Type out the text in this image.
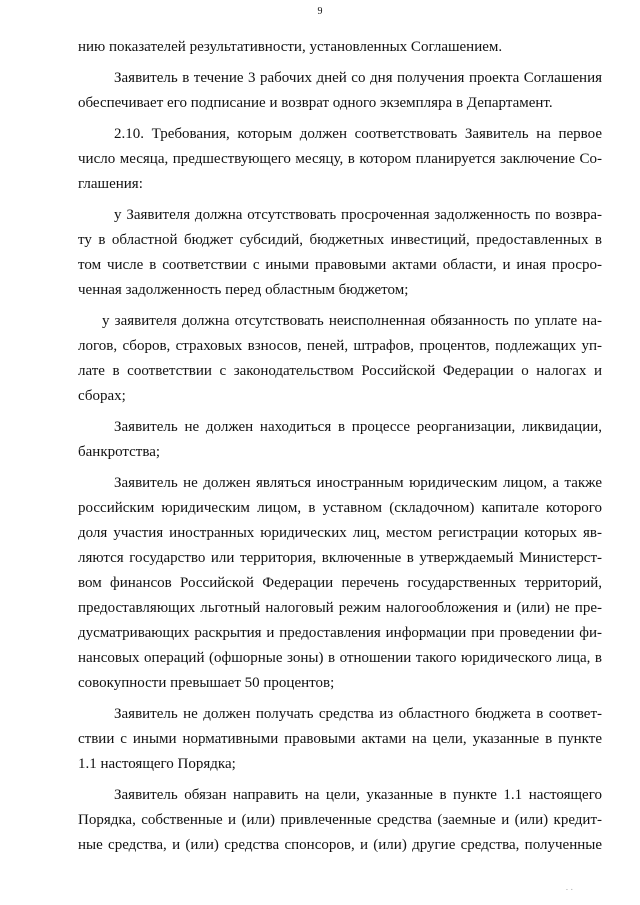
9

нию показателей результативности, установленных Соглашением.

Заявитель в течение 3 рабочих дней со дня получения проекта Соглашения
обеспечивает его подписание и возврат одного экземпляра в Департамент.

2.10. Требования, которым должен соответствовать Заявитель на первое
число месяца, предшествующего месяцу, в котором планируется заключение Со-
глашения:

у Заявителя должна отсутствовать просроченная задолженность по возвра-
ту в областной бюджет субсидий, бюджетных инвестиций, предоставленных в
том числе в соответствии с иными правовыми актами области, и иная просро-
ченная задолженность перед областным бюджетом;

у заявителя должна отсутствовать неисполненная обязанность по уплате на-
логов, сборов, страховых взносов, пеней, штрафов, процентов, подлежащих уп-
лате в соответствии с законодательством Российской Федерации о налогах и
сборах;

Заявитель не должен находиться в процессе реорганизации, ликвидации,
банкротства;

Заявитель не должен являться иностранным юридическим лицом, а также
российским юридическим лицом, в уставном (складочном) капитале которого
доля участия иностранных юридических лиц, местом регистрации которых яв-
ляются государство или территория, включенные в утверждаемый Министерст-
вом финансов Российской Федерации перечень государственных территорий,
предоставляющих льготный налоговый режим налогообложения и (или) не пре-
дусматривающих раскрытия и предоставления информации при проведении фи-
нансовых операций (офшорные зоны) в отношении такого юридического лица, в
совокупности превышает 50 процентов;

Заявитель не должен получать средства из областного бюджета в соответ-
ствии с иными нормативными правовыми актами на цели, указанные в пункте
1.1 настоящего Порядка;

Заявитель обязан направить на цели, указанные в пункте 1.1 настоящего
Порядка, собственные и (или) привлеченные средства (заемные и (или) кредит-
ные средства, и (или) средства спонсоров, и (или) другие средства, полученные

˙ ˙
